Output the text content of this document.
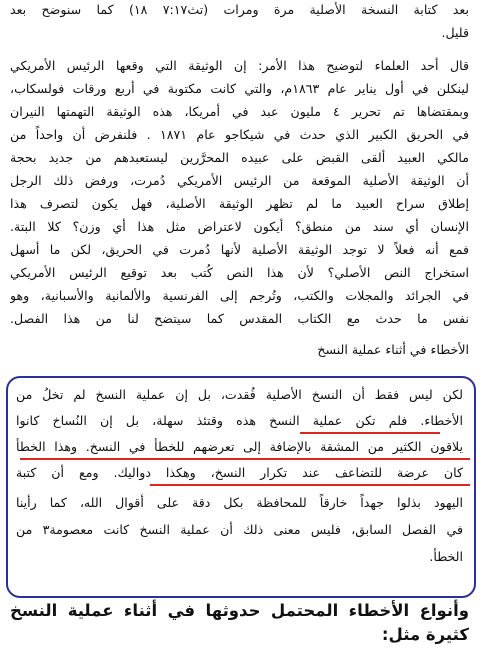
بعد كتابة النسخة الأصلية مرة ومرات (تث٧:١٧ ١٨) كما سنوضح بعد
قليل.
قال أحد العلماء لتوضيح هذا الأمر: إن الوثيقة التي وقعها الرئيس الأمريكي
لينكلن في أول يناير عام ١٨٦٣م، والتي كانت مكتوبة في أربع ورقات فولسكاب،
وبمقتضاها تم تحرير ٤ مليون عبد في أمريكا، هذه الوثيقة التهمتها النيران
في الحريق الكبير الذي حدث في شيكاجو عام ١٨٧١ . فلنفرض أن واحداً من
مالكي العبيد ألقى القبض على عبيده المحرَّرين ليستعبدهم من جديد بحجة
أن الوثيقة الأصلية الموقعة من الرئيس الأمريكي دُمرت، ورفض ذلك الرجل
إطلاق سراح العبيد ما لم تظهر الوثيقة الأصلية، فهل يكون لتصرف هذا
الإنسان أي سند من منطق؟ أيكون لاعتراض مثل هذا أي وزن؟ كلا البتة.
فمع أنه فعلاً لا توجد الوثيقة الأصلية لأنها دُمرت في الحريق، لكن ما أسهل
استخراج النص الأصلي؟ لأن هذا النص كُتب بعد توقيع الرئيس الأمريكي
في الجرائد والمجلات والكتب، وتُرجم إلى الفرنسية والألمانية والأسبانية، وهو
نفس ما حدث مع الكتاب المقدس كما سيتضح لنا من هذا الفصل.
الأخطاء في أثناء عملية النسخ
لكن ليس فقط أن النسخ الأصلية فُقدت، بل إن عملية النسخ لم تخلُ من
الأخطاء. فلم تكن عملية النسخ هذه وقتئذ سهلة، بل إن النُساخ كانوا
يلاقون الكثير من المشقة بالإضافة إلى تعرضهم للخطأ في النسخ. وهذا الخطأ
كان عرضة للتضاعف عند تكرار النسخ، وهكذا دواليك. ومع أن كتبة
اليهود بذلوا جهداً خارقاً للمحافظة بكل دقة على أقوال الله، كما رأينا
في الفصل السابق، فليس معنى ذلك أن عملية النسخ كانت معصومة٣ من
الخطأ.
وأنواع الأخطاء المحتمل حدوثها في أثناء عملية النسخ
كثيرة مثل:
